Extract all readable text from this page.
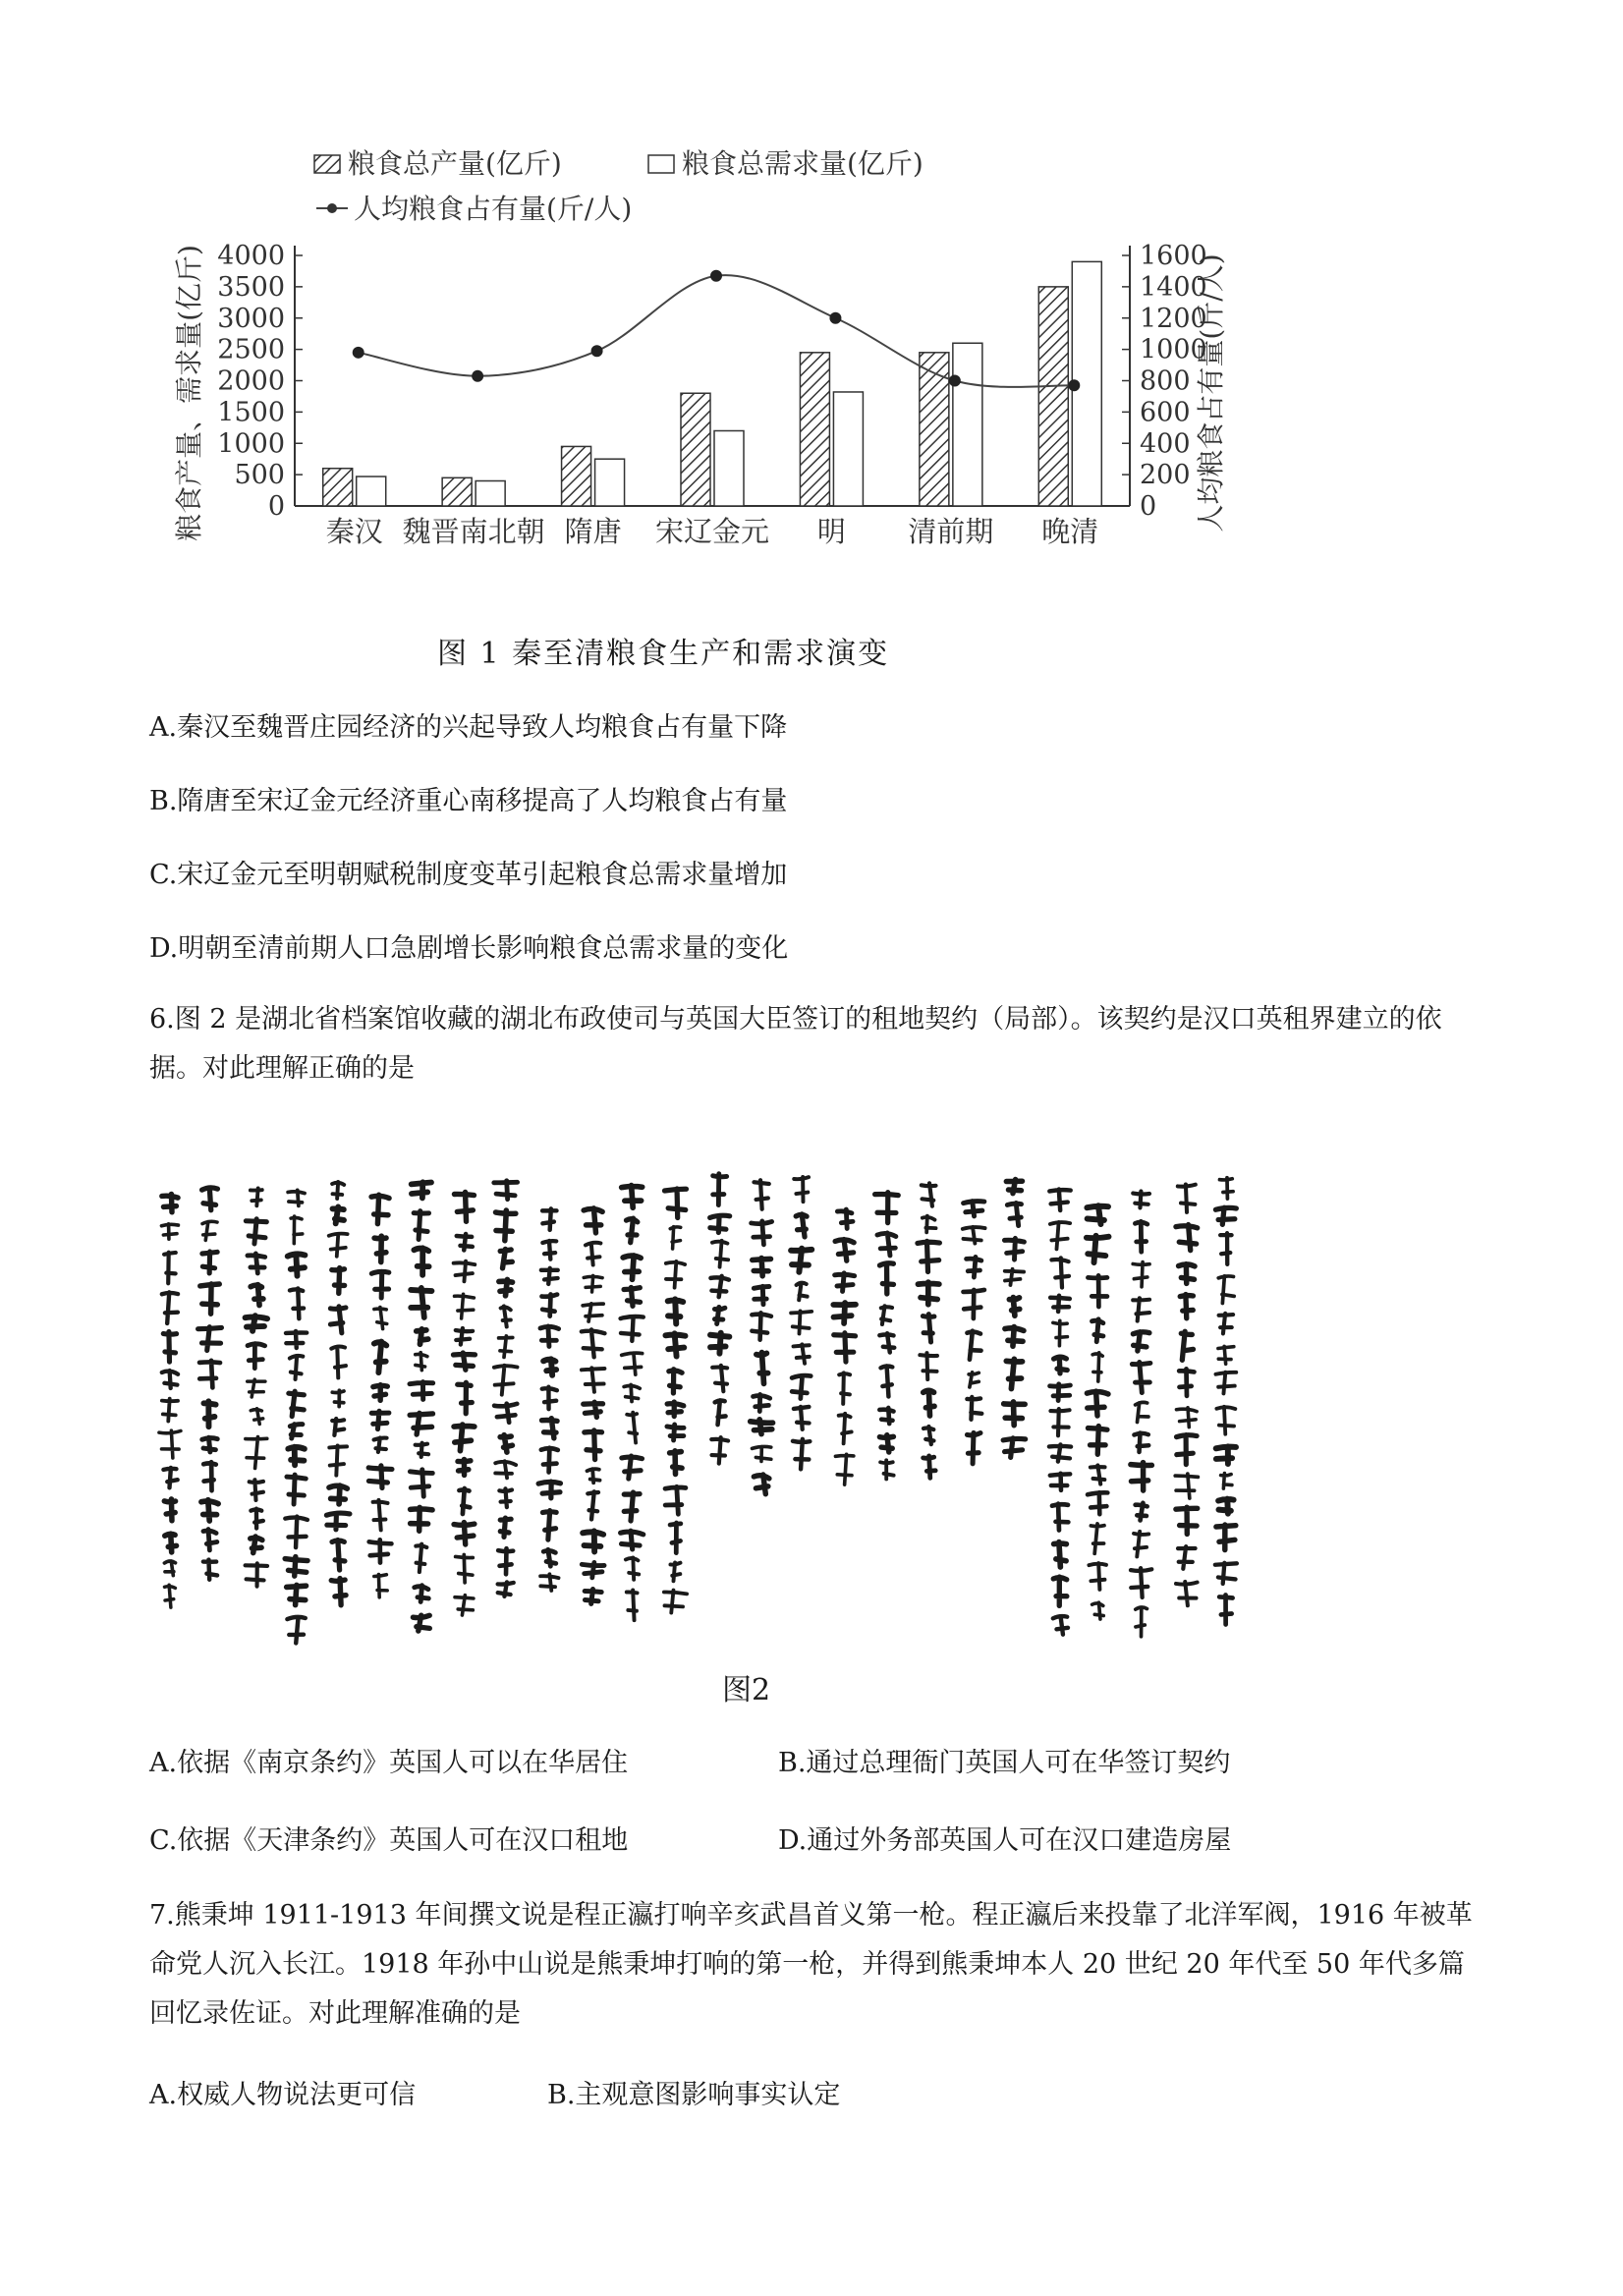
粮食总产量(亿斤)	粮食总需求量(亿斤)
人均粮食占有量(斤/人)
粮食产量、需求量(亿斤)	人均粮食占有量(斤/人)
4000
3500
3000
2500
2000
1500
1000
500
0
1600
1400
1200
1000
800
600
400
200
0
秦汉 魏晋南北朝 隋唐 宋辽金元 明 清前期 晚清
图 1 秦至清粮食生产和需求演变
A.秦汉至魏晋庄园经济的兴起导致人均粮食占有量下降
B.隋唐至宋辽金元经济重心南移提高了人均粮食占有量
C.宋辽金元至明朝赋税制度变革引起粮食总需求量增加
D.明朝至清前期人口急剧增长影响粮食总需求量的变化
6.图 2 是湖北省档案馆收藏的湖北布政使司与英国大臣签订的租地契约（局部）。该契约是汉口英租界建立的依据。对此理解正确的是
图2
A.依据《南京条约》英国人可以在华居住	B.通过总理衙门英国人可在华签订契约
C.依据《天津条约》英国人可在汉口租地	D.通过外务部英国人可在汉口建造房屋
7.熊秉坤 1911-1913 年间撰文说是程正瀛打响辛亥武昌首义第一枪。程正瀛后来投靠了北洋军阀，1916 年被革命党人沉入长江。1918 年孙中山说是熊秉坤打响的第一枪，并得到熊秉坤本人 20 世纪 20 年代至 50 年代多篇回忆录佐证。对此理解准确的是
A.权威人物说法更可信	B.主观意图影响事实认定
